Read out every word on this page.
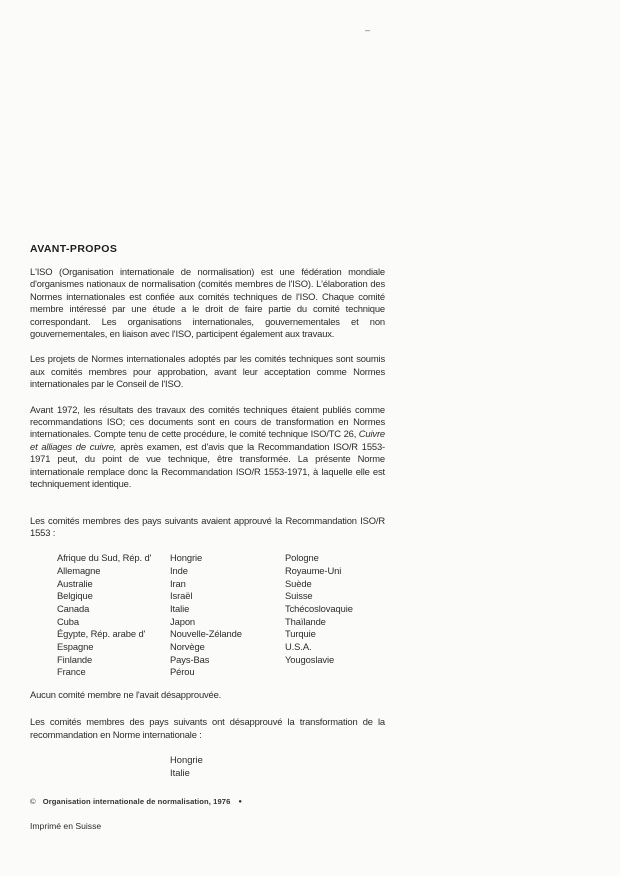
–
AVANT-PROPOS

L'ISO (Organisation internationale de normalisation) est une fédération mondiale d'organismes nationaux de normalisation (comités membres de l'ISO). L'élaboration des Normes internationales est confiée aux comités techniques de l'ISO. Chaque comité membre intéressé par une étude a le droit de faire partie du comité technique correspondant. Les organisations internationales, gouvernementales et non gouvernementales, en liaison avec l'ISO, participent également aux travaux.

Les projets de Normes internationales adoptés par les comités techniques sont soumis aux comités membres pour approbation, avant leur acceptation comme Normes internationales par le Conseil de l'ISO.

Avant 1972, les résultats des travaux des comités techniques étaient publiés comme recommandations ISO; ces documents sont en cours de transformation en Normes internationales. Compte tenu de cette procédure, le comité technique ISO/TC 26, Cuivre et alliages de cuivre, après examen, est d'avis que la Recommandation ISO/R 1553-1971 peut, du point de vue technique, être transformée. La présente Norme internationale remplace donc la Recommandation ISO/R 1553-1971, à laquelle elle est techniquement identique.

Les comités membres des pays suivants avaient approuvé la Recommandation ISO/R 1553 :

Afrique du Sud, Rép. d'
Allemagne
Australie
Belgique
Canada
Cuba
Égypte, Rép. arabe d'
Espagne
Finlande
France
Hongrie
Inde
Iran
Israël
Italie
Japon
Nouvelle-Zélande
Norvège
Pays-Bas
Pérou
Pologne
Royaume-Uni
Suède
Suisse
Tchécoslovaquie
Thaïlande
Turquie
U.S.A.
Yougoslavie

Aucun comité membre ne l'avait désapprouvée.

Les comités membres des pays suivants ont désapprouvé la transformation de la recommandation en Norme internationale :

Hongrie
Italie
© Organisation internationale de normalisation, 1976 ●
Imprimé en Suisse
